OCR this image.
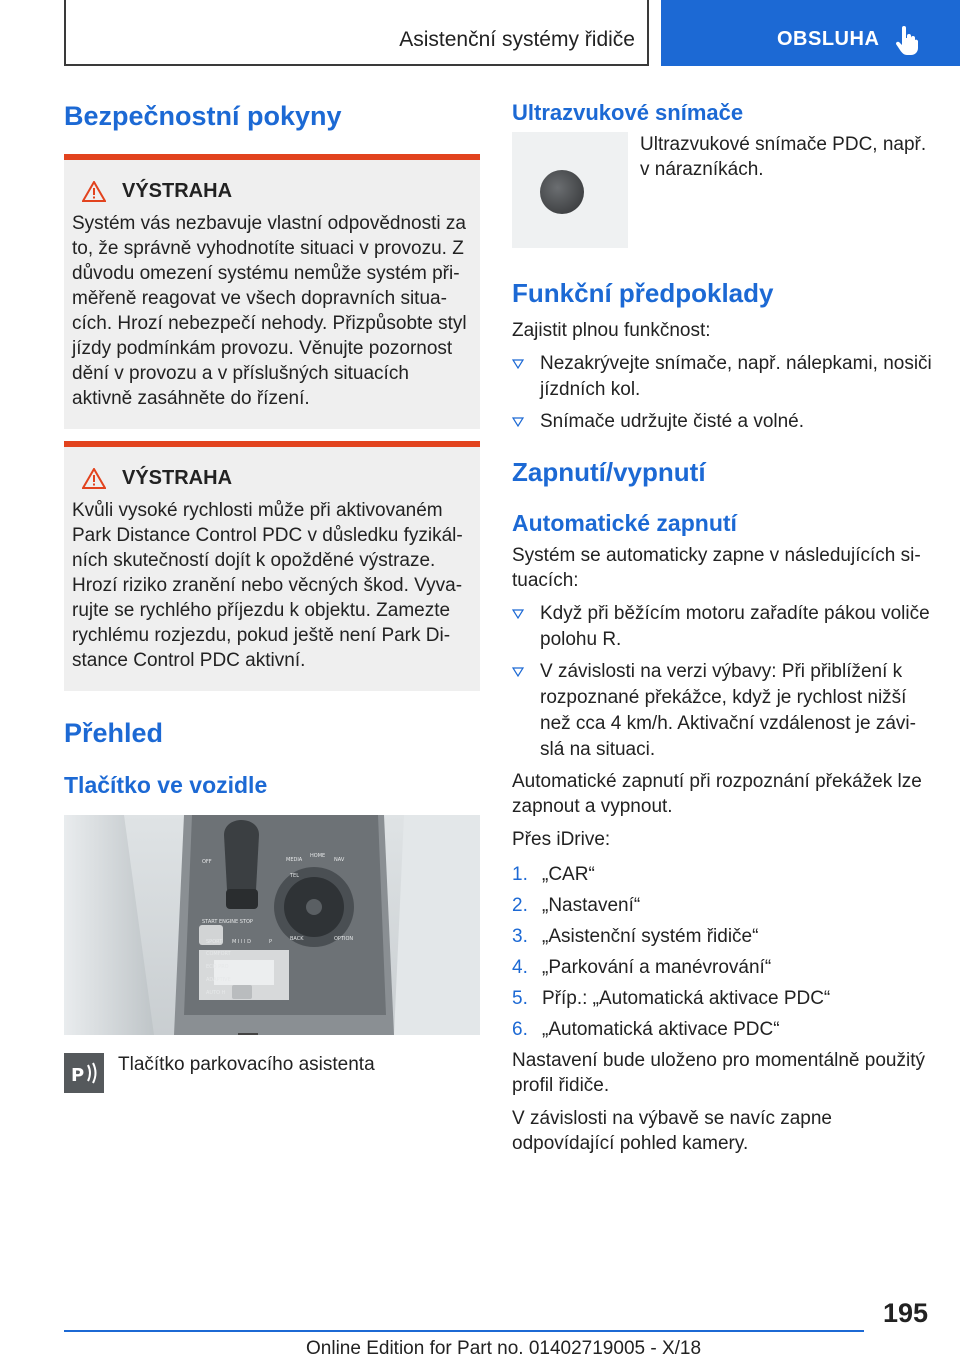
Asistenční systémy řidiče	OBSLUHA
Bezpečnostní pokyny
VÝSTRAHA

Systém vás nezbavuje vlastní odpovědnosti za to, že správně vyhodnotíte situaci v provozu. Z důvodu omezení systému nemůže systém při- měřeně reagovat ve všech dopravních situa- cích. Hrozí nebezpečí nehody. Přizpůsobte styl jízdy podmínkám provozu. Věnujte pozornost dění v provozu a v příslušných situacích aktivně zasáhněte do řízení.

VÝSTRAHA

Kvůli vysoké rychlosti může při aktivovaném Park Distance Control PDC v důsledku fyzikál- ních skutečností dojít k opožděné výstraze. Hrozí riziko zranění nebo věcných škod. Vyva- rujte se rychlého příjezdu k objektu. Zamezte rychlému rozjezdu, pokud ještě není Park Di- stance Control PDC aktivní.

Přehled
Tlačítko ve vozidle
OFF
START ENGINE STOP
SPORT
COMFORT
ECO PRO
ADAPTIVE
AUTO H
MEDIA
HOME
NAV
TEL
BACK	OPTION
M I I I D	P
P
Tlačítko parkovacího asistenta
Ultrazvukové snímače

Ultrazvukové snímače PDC, např. v nárazníkách.

Funkční předpoklady

Zajistit plnou funkčnost:

Nezakrývejte snímače, např. nálepkami, nosiči jízdních kol.
Snímače udržujte čisté a volné.
Zapnutí/vypnutí
Automatické zapnutí

Systém se automaticky zapne v následujících si- tuacích:

Když při běžícím motoru zařadíte pákou voliče polohu R.
V závislosti na verzi výbavy: Při přiblížení k rozpoznané překážce, když je rychlost nižší než cca 4 km/h. Aktivační vzdálenost je závi- slá na situaci.

Automatické zapnutí při rozpoznání překážek lze zapnout a vypnout.

Přes iDrive:

1. „CAR“
2. „Nastavení“
3. „Asistenční systém řidiče“
4. „Parkování a manévrování“
5. Příp.: „Automatická aktivace PDC“
6. „Automatická aktivace PDC“

Nastavení bude uloženo pro momentálně použitý profil řidiče.

V závislosti na výbavě se navíc zapne odpovídající pohled kamery.

195
Online Edition for Part no. 01402719005 - X/18
